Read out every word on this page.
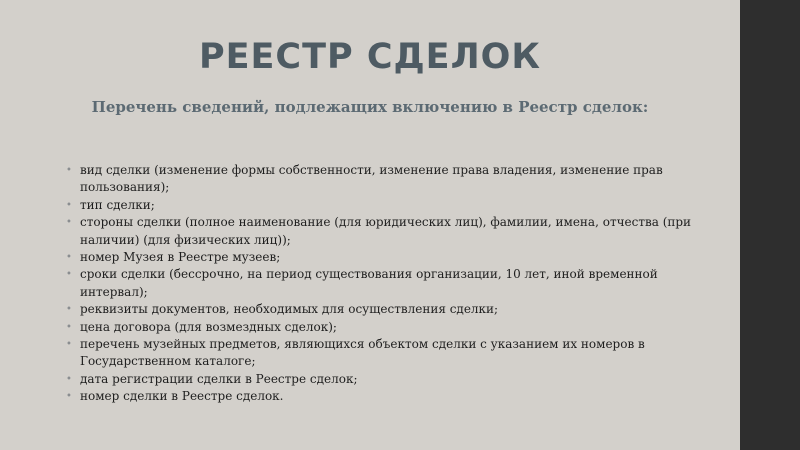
РЕЕСТР СДЕЛОК

Перечень сведений, подлежащих включению в Реестр сделок:

• вид сделки (изменение формы собственности, изменение права владения, изменение прав пользования);
• тип сделки;
• стороны сделки (полное наименование (для юридических лиц), фамилии, имена, отчества (при наличии) (для физических лиц));
• номер Музея в Реестре музеев;
• сроки сделки (бессрочно, на период существования организации, 10 лет, иной временной интервал);
• реквизиты документов, необходимых для осуществления сделки;
• цена договора (для возмездных сделок);
• перечень музейных предметов, являющихся объектом сделки с указанием их номеров в Государственном каталоге;
• дата регистрации сделки в Реестре сделок;
• номер сделки в Реестре сделок.
